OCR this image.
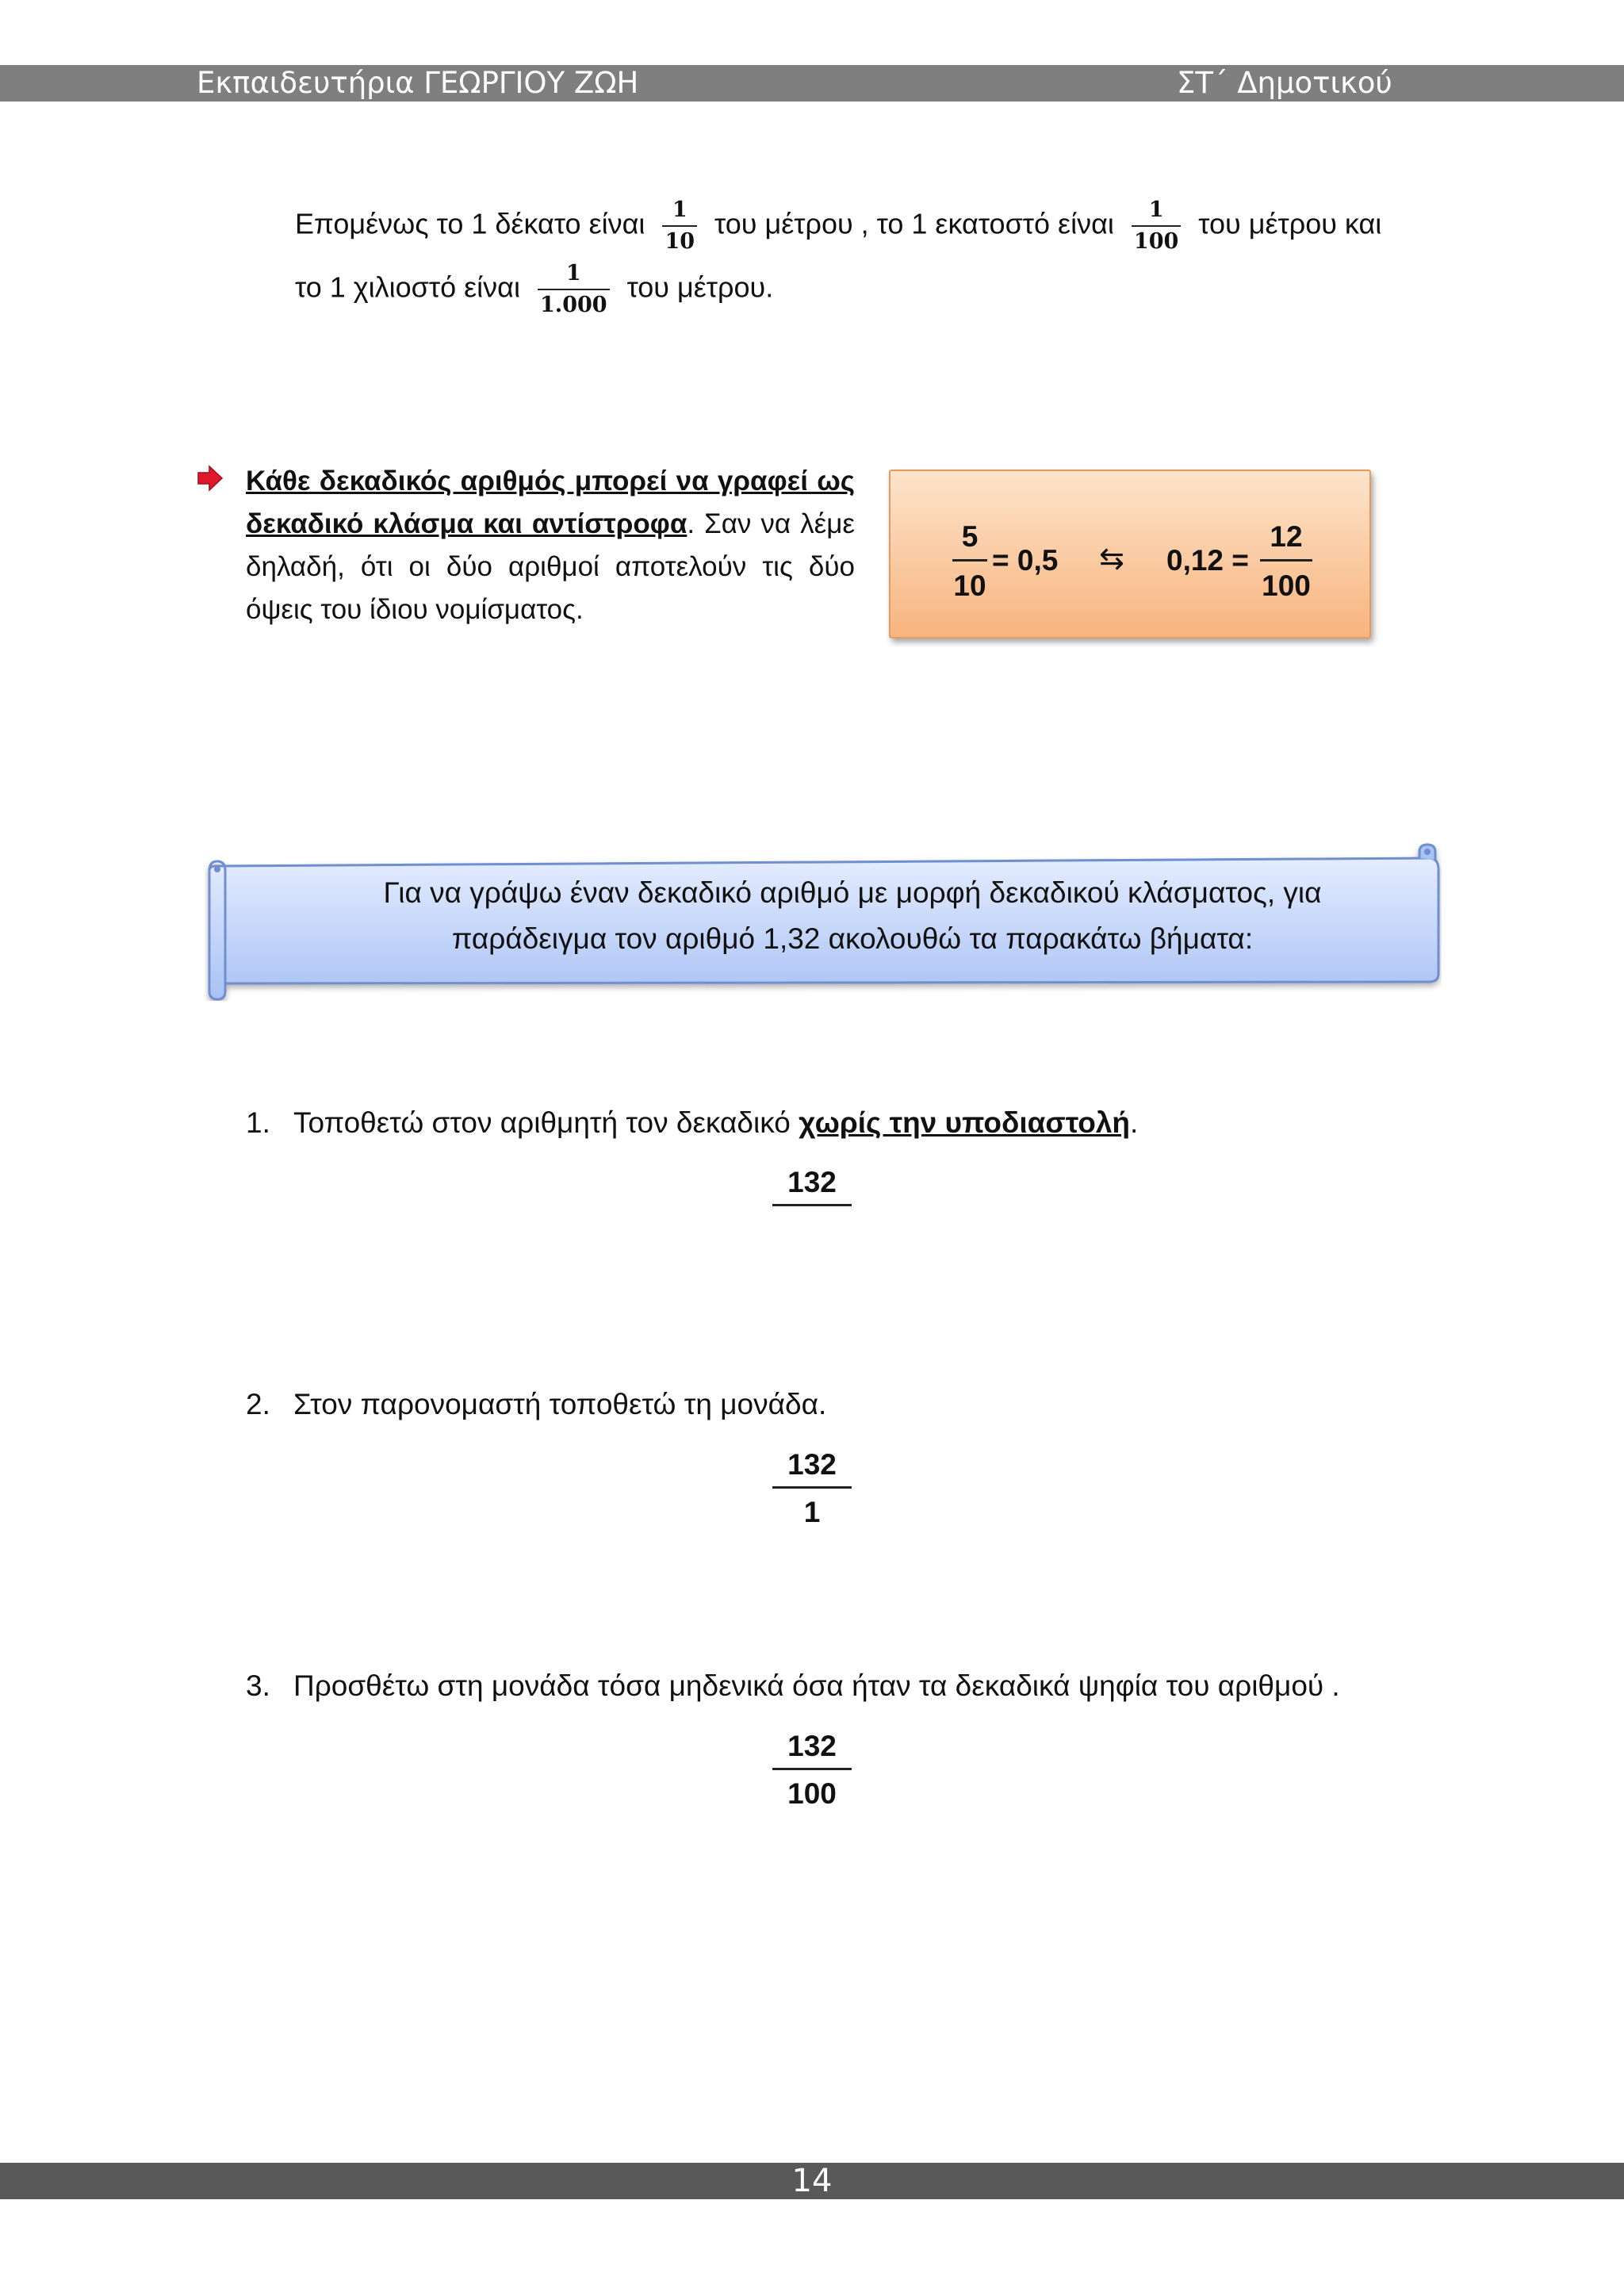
Εκπαιδευτήρια ΓΕΩΡΓΙΟΥ ΖΩΗ	ΣΤ΄ Δημοτικού
Επομένως το 1 δέκατο είναι $\frac{1}{10}$ του μέτρου , το 1 εκατοστό είναι $\frac{1}{100}$ του μέτρου και
το 1 χιλιοστό είναι $\frac{1}{1.000}$ του μέτρου.
Κάθε δεκαδικός αριθμός μπορεί να γραφεί ως δεκαδικό κλάσμα και αντίστροφα. Σαν να λέμε δηλαδή, ότι οι δύο αριθμοί αποτελούν τις δύο όψεις του ίδιου νομίσματος.
$\frac{5}{10} = 0,5$ ⇆ $0,12 = \frac{12}{100}$
Για να γράψω έναν δεκαδικό αριθμό με μορφή δεκαδικού κλάσματος, για
παράδειγμα τον αριθμό 1,32 ακολουθώ τα παρακάτω βήματα:
1. Τοποθετώ στον αριθμητή τον δεκαδικό χωρίς την υποδιαστολή.
132
2. Στον παρονομαστή τοποθετώ τη μονάδα.
$\frac{132}{1}$
3. Προσθέτω στη μονάδα τόσα μηδενικά όσα ήταν τα δεκαδικά ψηφία του αριθμού .
$\frac{132}{100}$
14
